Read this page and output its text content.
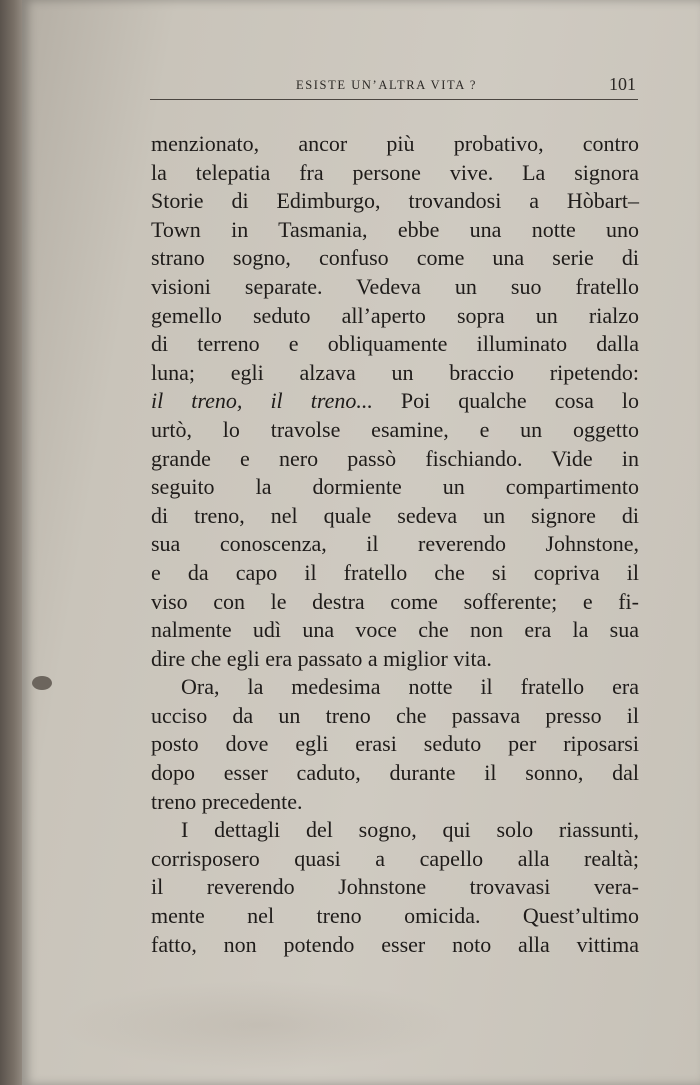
ESISTE UN’ALTRA VITA ?	101
menzionato, ancor più probativo, contro
la telepatia fra persone vive. La signora
Storie di Edimburgo, trovandosi a Hòbart–
Town in Tasmania, ebbe una notte uno
strano sogno, confuso come una serie di
visioni separate. Vedeva un suo fratello
gemello seduto all’aperto sopra un rialzo
di terreno e obliquamente illuminato dalla
luna; egli alzava un braccio ripetendo:
il treno, il treno... Poi qualche cosa lo
urtò, lo travolse esamine, e un oggetto
grande e nero passò fischiando. Vide in
seguito la dormiente un compartimento
di treno, nel quale sedeva un signore di
sua conoscenza, il reverendo Johnstone,
e da capo il fratello che si copriva il
viso con le destra come sofferente; e fi-
nalmente udì una voce che non era la sua
dire che egli era passato a miglior vita.
Ora, la medesima notte il fratello era
ucciso da un treno che passava presso il
posto dove egli erasi seduto per riposarsi
dopo esser caduto, durante il sonno, dal
treno precedente.
I dettagli del sogno, qui solo riassunti,
corrisposero quasi a capello alla realtà;
il reverendo Johnstone trovavasi vera-
mente nel treno omicida. Quest’ultimo
fatto, non potendo esser noto alla vittima
